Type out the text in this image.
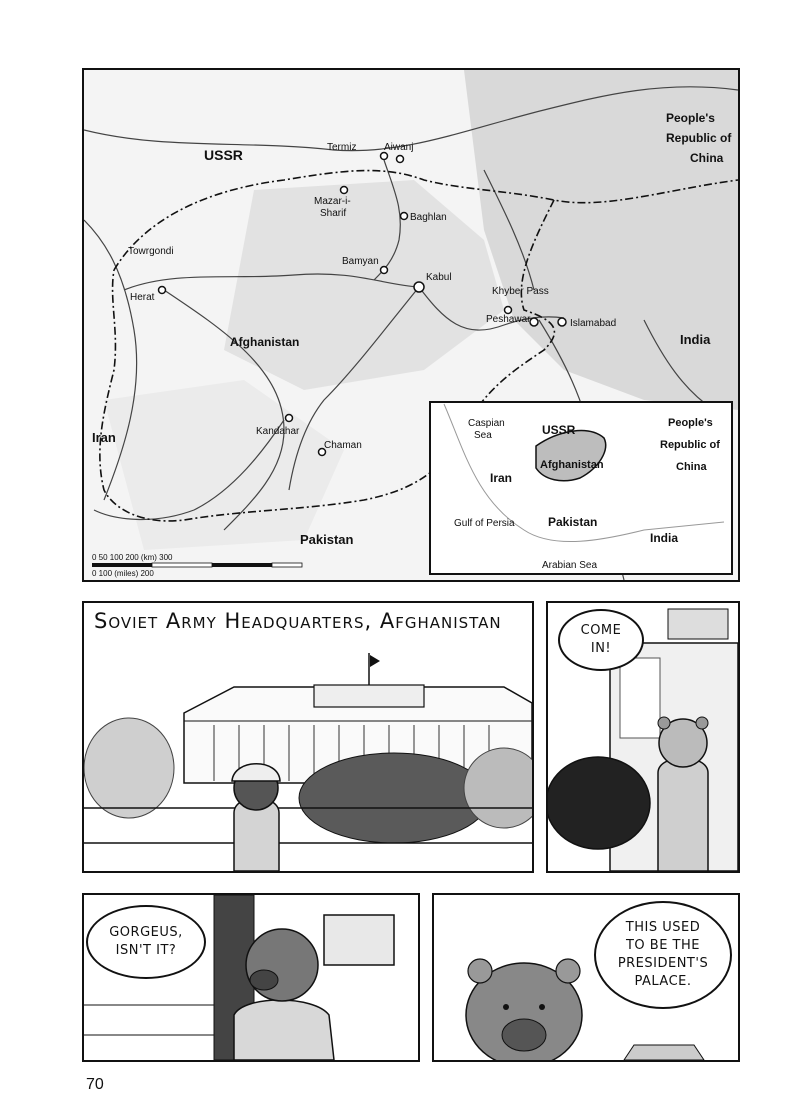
USSR
People's
Republic of
China
Termiz	Aiwanj
Mazar-i-
Sharif	Baghlan
Towrgondi
Bamyan
Kabul
Herat
Khyber Pass
Peshawar	Islamabad
Afghanistan	India
Iran	Kandahar
Chaman
Pakistan
0 50 100 200 (km) 300
0 100 (miles) 200
Caspian
Sea	USSR	People's
Republic of
China
Iran
Afghanistan
Gulf of Persia	Pakistan
India
Arabian Sea
Soviet Army Headquarters, Afghanistan	COME IN!
GORGEUS, ISN'T IT?
THIS USED TO BE THE PRESIDENT'S PALACE.
70
